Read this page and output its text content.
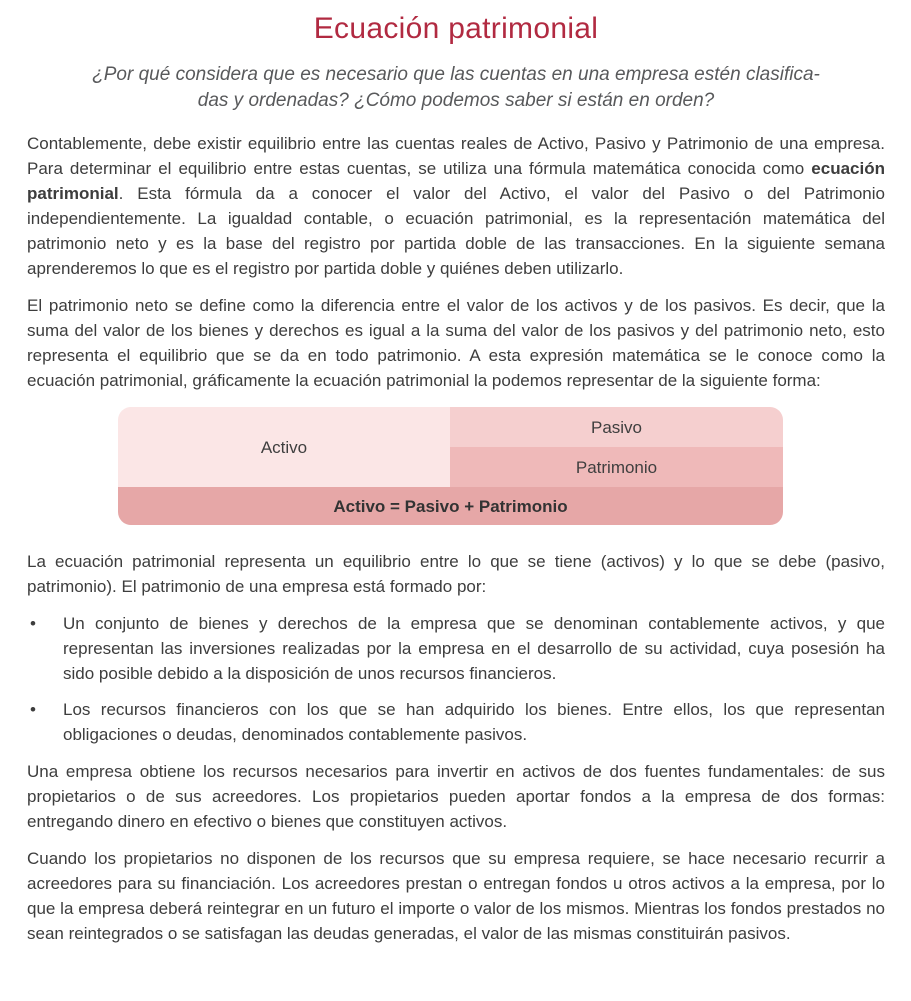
Ecuación patrimonial
¿Por qué considera que es necesario que las cuentas en una empresa estén clasifica-
das y ordenadas? ¿Cómo podemos saber si están en orden?

Contablemente, debe existir equilibrio entre las cuentas reales de Activo, Pasivo y Patrimonio de una empresa. Para determinar el equilibrio entre estas cuentas, se utiliza una fórmula matemática conocida como ecuación patrimonial. Esta fórmula da a conocer el valor del Activo, el valor del Pasivo o del Patrimonio independientemente. La igualdad contable, o ecuación patrimonial, es la representación matemática del patrimonio neto y es la base del registro por partida doble de las transacciones. En la siguiente semana aprenderemos lo que es el registro por partida doble y quiénes deben utilizarlo.

El patrimonio neto se define como la diferencia entre el valor de los activos y de los pasivos. Es decir, que la suma del valor de los bienes y derechos es igual a la suma del valor de los pasivos y del patrimonio neto, esto representa el equilibrio que se da en todo patrimonio. A esta expresión matemática se le conoce como la ecuación patrimonial, gráficamente la ecuación patrimonial la podemos representar de la siguiente forma:

Activo
Pasivo
Patrimonio
Activo = Pasivo + Patrimonio

La ecuación patrimonial representa un equilibrio entre lo que se tiene (activos) y lo que se debe (pasivo, patrimonio). El patrimonio de una empresa está formado por:

•	Un conjunto de bienes y derechos de la empresa que se denominan contablemente activos, y que representan las inversiones realizadas por la empresa en el desarrollo de su actividad, cuya posesión ha sido posible debido a la disposición de unos recursos financieros.
•	Los recursos financieros con los que se han adquirido los bienes. Entre ellos, los que representan obligaciones o deudas, denominados contablemente pasivos.

Una empresa obtiene los recursos necesarios para invertir en activos de dos fuentes fundamentales: de sus propietarios o de sus acreedores. Los propietarios pueden aportar fondos a la empresa de dos formas: entregando dinero en efectivo o bienes que constituyen activos.

Cuando los propietarios no disponen de los recursos que su empresa requiere, se hace necesario recurrir a acreedores para su financiación. Los acreedores prestan o entregan fondos u otros activos a la empresa, por lo que la empresa deberá reintegrar en un futuro el importe o valor de los mismos. Mientras los fondos prestados no sean reintegrados o se satisfagan las deudas generadas, el valor de las mismas constituirán pasivos.
